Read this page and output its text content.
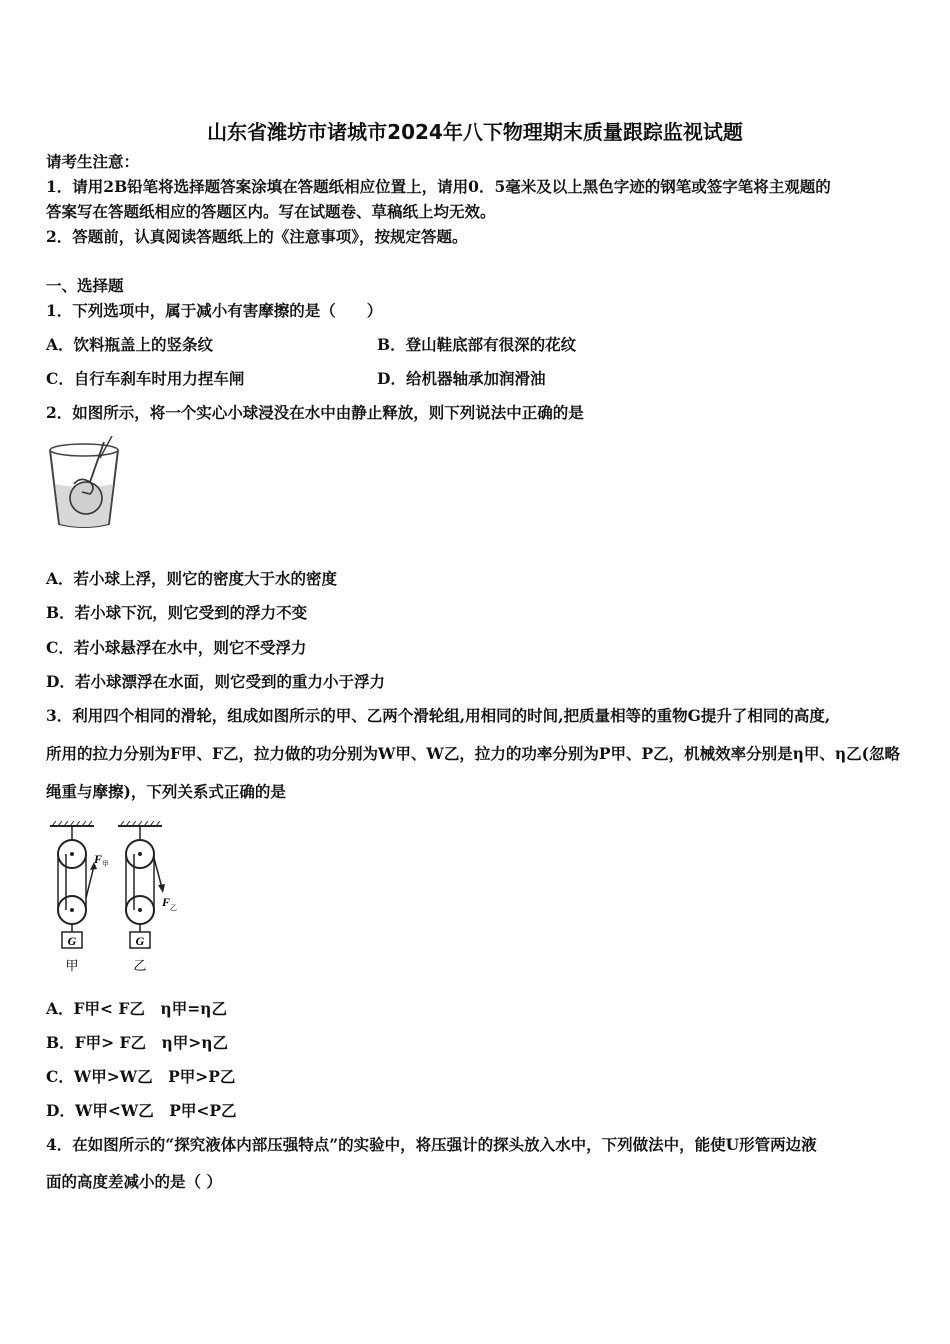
山东省潍坊市诸城市2024年八下物理期末质量跟踪监视试题
请考生注意：
1．请用2B铅笔将选择题答案涂填在答题纸相应位置上，请用0．5毫米及以上黑色字迹的钢笔或签字笔将主观题的
答案写在答题纸相应的答题区内。写在试题卷、草稿纸上均无效。
2．答题前，认真阅读答题纸上的《注意事项》，按规定答题。
一、选择题
1．下列选项中，属于减小有害摩擦的是（　　）
A．饮料瓶盖上的竖条纹	B．登山鞋底部有很深的花纹
C．自行车刹车时用力捏车闸	D．给机器轴承加润滑油
2．如图所示，将一个实心小球浸没在水中由静止释放，则下列说法中正确的是
A．若小球上浮，则它的密度大于水的密度
B．若小球下沉，则它受到的浮力不变
C．若小球悬浮在水中，则它不受浮力
D．若小球漂浮在水面，则它受到的重力小于浮力
3．利用四个相同的滑轮，组成如图所示的甲、乙两个滑轮组,用相同的时间,把质量相等的重物G提升了相同的高度,
所用的拉力分别为F甲、F乙，拉力做的功分别为W甲、W乙，拉力的功率分别为P甲、P乙，机械效率分别是η甲、η乙(忽略
绳重与摩擦)，下列关系式正确的是
G	G
F 甲
F 乙
甲	乙
A．F甲< F乙　η甲=η乙
B．F甲> F乙　η甲>η乙
C．W甲>W乙　P甲>P乙
D．W甲<W乙　P甲<P乙
4．在如图所示的“探究液体内部压强特点”的实验中，将压强计的探头放入水中，下列做法中，能使U形管两边液
面的高度差减小的是（ ）
